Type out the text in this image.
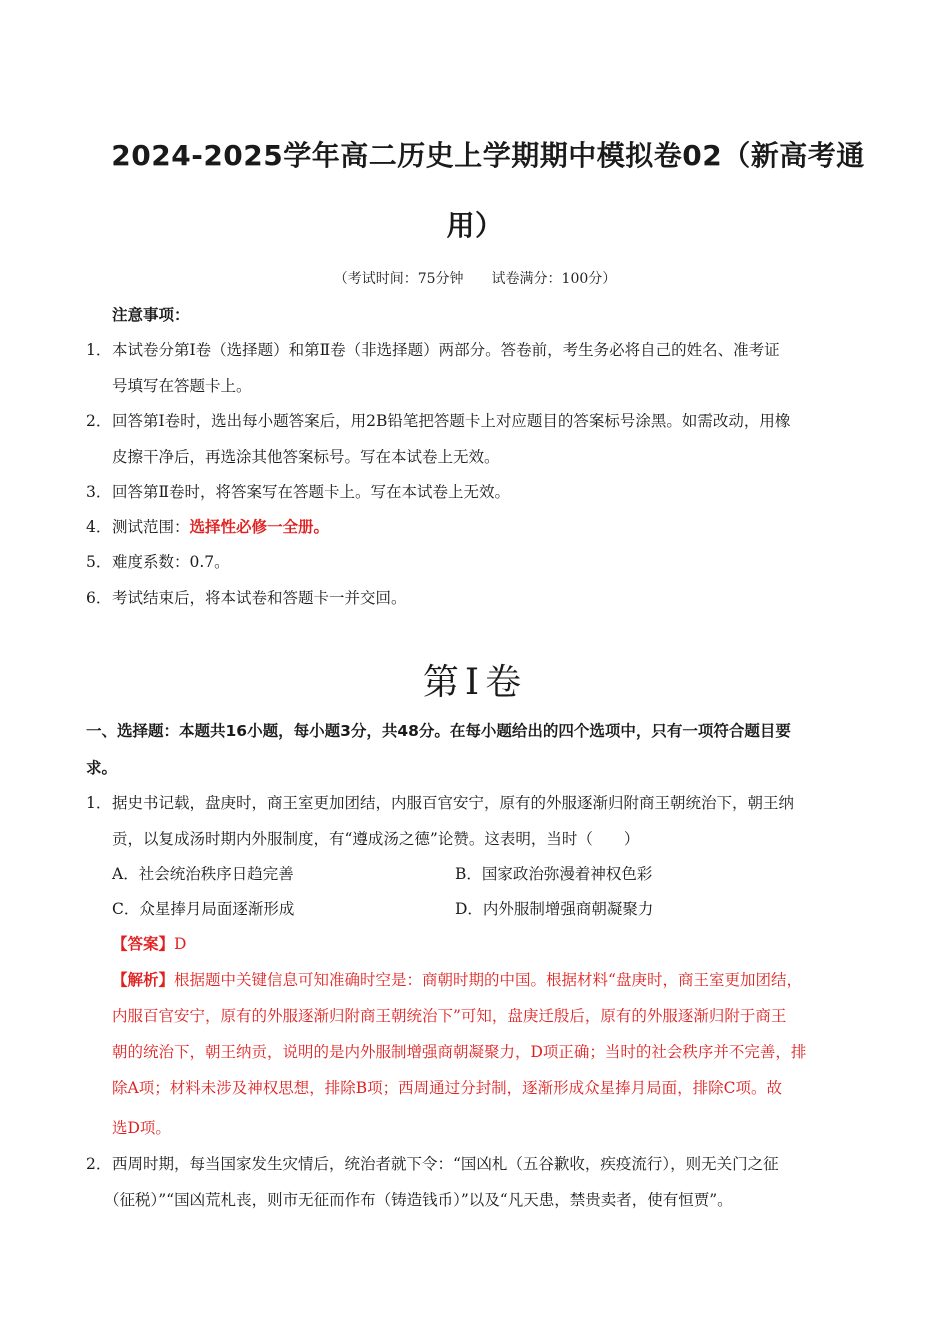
2024-2025学年高二历史上学期期中模拟卷02（新高考通
用）
（考试时间：75分钟　　试卷满分：100分）
注意事项：
1． 本试卷分第Ⅰ卷（选择题）和第Ⅱ卷（非选择题）两部分。答卷前，考生务必将自己的姓名、准考证
号填写在答题卡上。
2． 回答第Ⅰ卷时，选出每小题答案后，用2B铅笔把答题卡上对应题目的答案标号涂黑。如需改动，用橡
皮擦干净后，再选涂其他答案标号。写在本试卷上无效。
3． 回答第Ⅱ卷时，将答案写在答题卡上。写在本试卷上无效。
4． 测试范围：选择性必修一全册。
5． 难度系数：0.7。
6． 考试结束后，将本试卷和答题卡一并交回。
第Ⅰ卷
一、选择题：本题共16小题，每小题3分，共48分。在每小题给出的四个选项中，只有一项符合题目要
求。
1． 据史书记载，盘庚时，商王室更加团结，内服百官安宁，原有的外服逐渐归附商王朝统治下，朝王纳
贡，以复成汤时期内外服制度，有“遵成汤之德”论赞。这表明，当时（　　）
A．社会统治秩序日趋完善	B．国家政治弥漫着神权色彩
C．众星捧月局面逐渐形成	D．内外服制增强商朝凝聚力
【答案】D
【解析】根据题中关键信息可知准确时空是：商朝时期的中国。根据材料“盘庚时，商王室更加团结，
内服百官安宁，原有的外服逐渐归附商王朝统治下”可知，盘庚迁殷后，原有的外服逐渐归附于商王
朝的统治下，朝王纳贡，说明的是内外服制增强商朝凝聚力，D项正确；当时的社会秩序并不完善，排
除A项；材料未涉及神权思想，排除B项；西周通过分封制，逐渐形成众星捧月局面，排除C项。故
选D项。
2． 西周时期，每当国家发生灾情后，统治者就下令：“国凶札（五谷歉收，疾疫流行），则无关门之征
（征税）”“国凶荒札丧，则市无征而作布（铸造钱币）”以及“凡天患，禁贵卖者，使有恒贾”。
